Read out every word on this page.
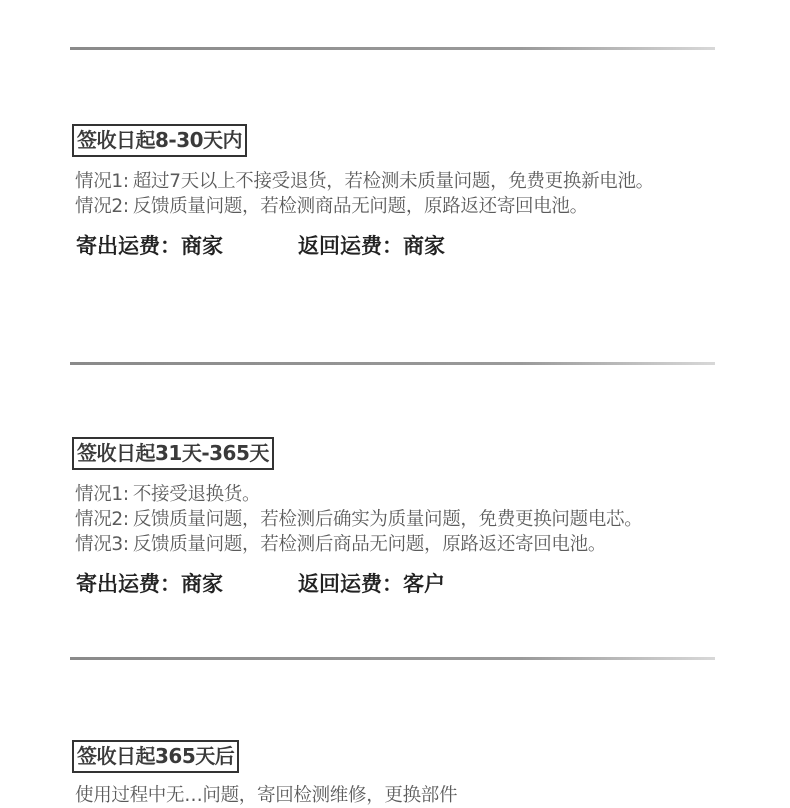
签收日起8-30天内
情况1: 超过7天以上不接受退货，若检测未质量问题，免费更换新电池。
情况2: 反馈质量问题，若检测商品无问题，原路返还寄回电池。
寄出运费：商家	返回运费：商家
签收日起31天-365天
情况1: 不接受退换货。
情况2: 反馈质量问题，若检测后确实为质量问题，免费更换问题电芯。
情况3: 反馈质量问题，若检测后商品无问题，原路返还寄回电池。
寄出运费：商家	返回运费：客户
签收日起365天后
使用过程中无…问题，寄回检测维修，更换部件
